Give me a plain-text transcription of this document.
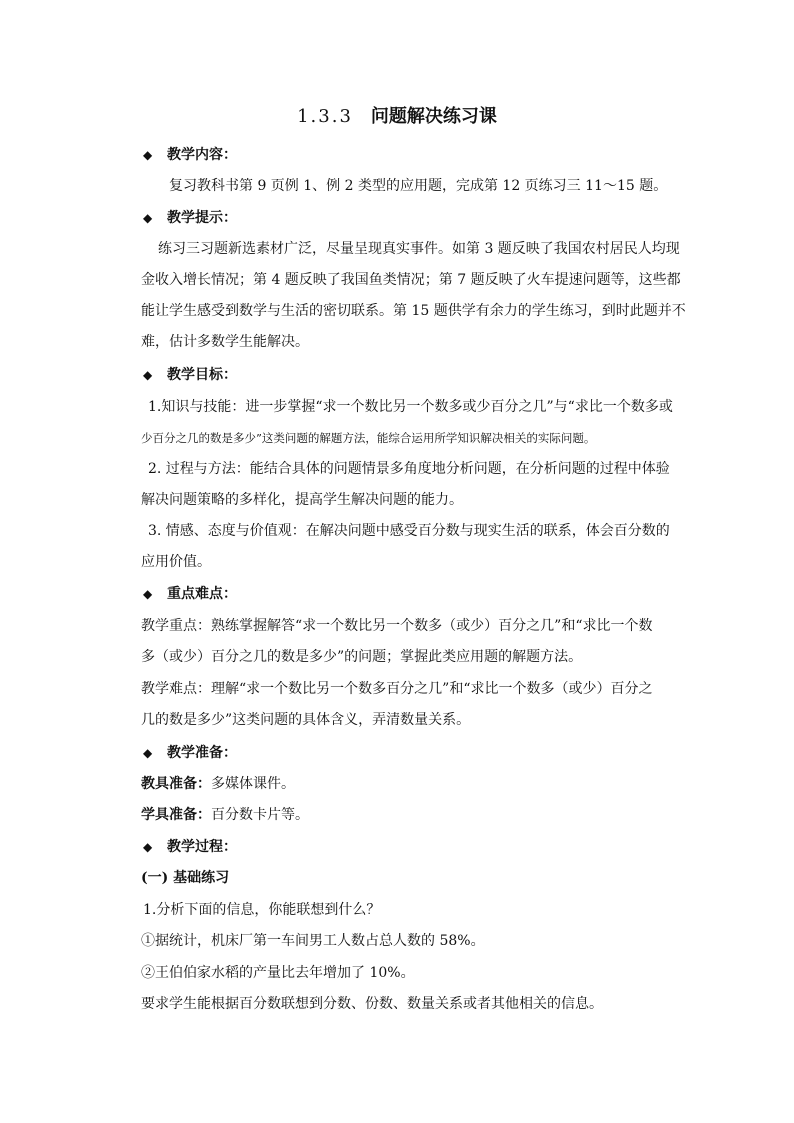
1.3.3 问题解决练习课
◆ 教学内容：
复习教科书第 9 页例 1、例 2 类型的应用题，完成第 12 页练习三 11～15 题。
◆ 教学提示：
练习三习题新选素材广泛，尽量呈现真实事件。如第 3 题反映了我国农村居民人均现
金收入增长情况；第 4 题反映了我国鱼类情况；第 7 题反映了火车提速问题等，这些都
能让学生感受到数学与生活的密切联系。第 15 题供学有余力的学生练习，到时此题并不
难，估计多数学生能解决。
◆ 教学目标：
1.知识与技能：进一步掌握“求一个数比另一个数多或少百分之几”与“求比一个数多或
少百分之几的数是多少”这类问题的解题方法，能综合运用所学知识解决相关的实际问题。
2. 过程与方法：能结合具体的问题情景多角度地分析问题，在分析问题的过程中体验
解决问题策略的多样化，提高学生解决问题的能力。
3. 情感、态度与价值观：在解决问题中感受百分数与现实生活的联系，体会百分数的
应用价值。
◆ 重点难点：
教学重点：熟练掌握解答“求一个数比另一个数多（或少）百分之几”和“求比一个数
多（或少）百分之几的数是多少”的问题；掌握此类应用题的解题方法。
教学难点：理解“求一个数比另一个数多百分之几”和“求比一个数多（或少）百分之
几的数是多少”这类问题的具体含义，弄清数量关系。
◆ 教学准备：
教具准备：多媒体课件。
学具准备：百分数卡片等。
◆ 教学过程：
(一) 基础练习
1.分析下面的信息，你能联想到什么？
①据统计，机床厂第一车间男工人数占总人数的 58%。
②王伯伯家水稻的产量比去年增加了 10%。
要求学生能根据百分数联想到分数、份数、数量关系或者其他相关的信息。
